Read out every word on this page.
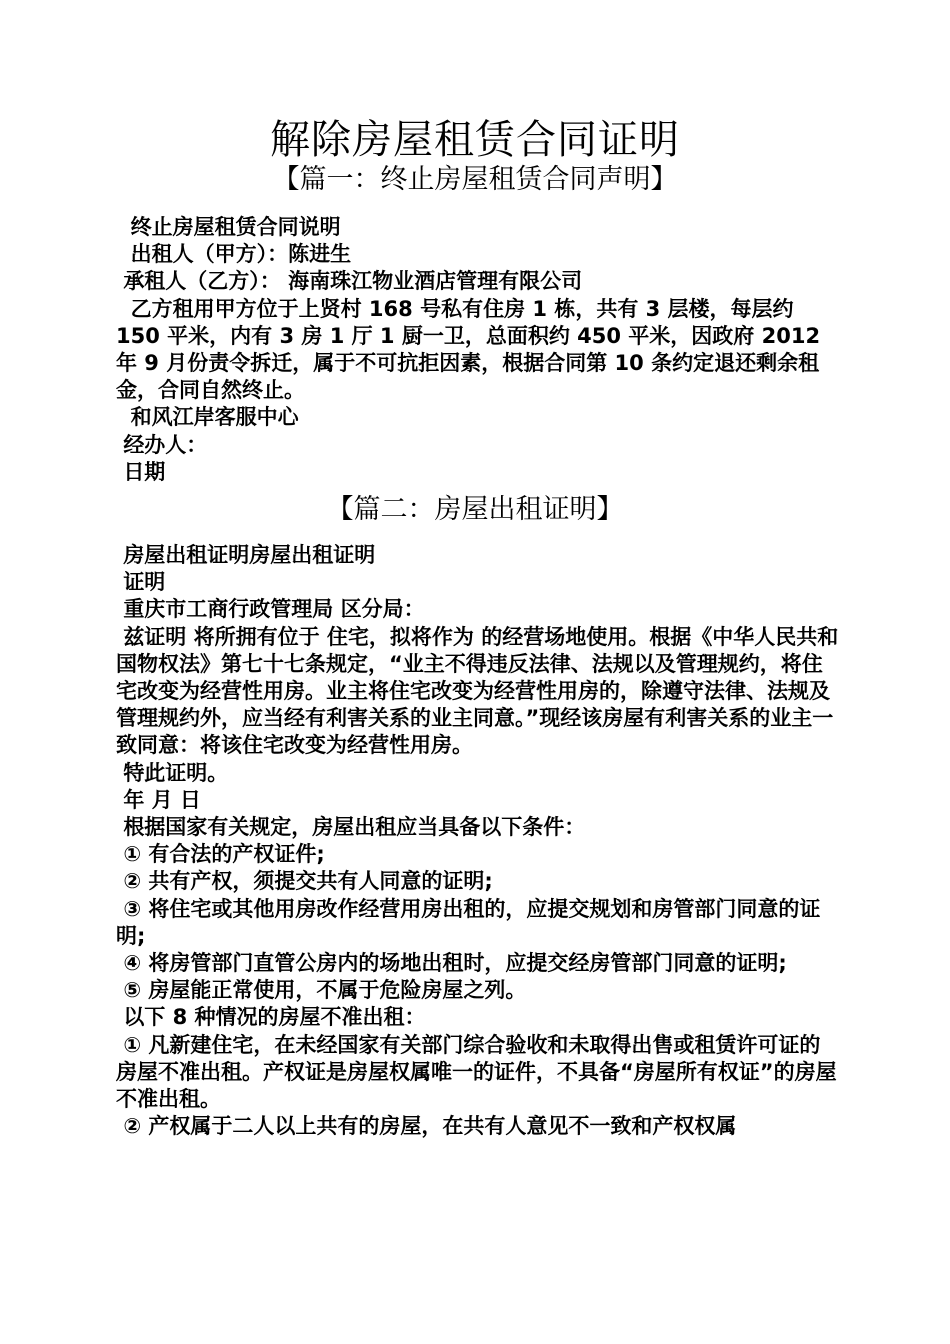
解除房屋租赁合同证明
【篇一：终止房屋租赁合同声明】

终止房屋租赁合同说明

出租人（甲方）：陈进生

承租人（乙方）： 海南珠江物业酒店管理有限公司

乙方租用甲方位于上贤村 168 号私有住房 1 栋，共有 3 层楼，每层约 150 平米，内有 3 房 1 厅 1 厨一卫，总面积约 450 平米，因政府 2012 年 9 月份责令拆迁，属于不可抗拒因素，根据合同第 10 条约定退还剩余租金，合同自然终止。

和风江岸客服中心

经办人：

日期

【篇二：房屋出租证明】

房屋出租证明房屋出租证明

证明

重庆市工商行政管理局 区分局：

兹证明 将所拥有位于 住宅，拟将作为 的经营场地使用。根据《中华人民共和国物权法》第七十七条规定，“业主不得违反法律、法规以及管理规约，将住宅改变为经营性用房。业主将住宅改变为经营性用房的，除遵守法律、法规及管理规约外，应当经有利害关系的业主同意。”现经该房屋有利害关系的业主一致同意：将该住宅改变为经营性用房。

特此证明。

年 月 日

根据国家有关规定，房屋出租应当具备以下条件：

① 有合法的产权证件;

② 共有产权，须提交共有人同意的证明;

③ 将住宅或其他用房改作经营用房出租的，应提交规划和房管部门同意的证明;

④ 将房管部门直管公房内的场地出租时，应提交经房管部门同意的证明;

⑤ 房屋能正常使用，不属于危险房屋之列。

以下 8 种情况的房屋不准出租：

① 凡新建住宅，在未经国家有关部门综合验收和未取得出售或租赁许可证的房屋不准出租。产权证是房屋权属唯一的证件，不具备“房屋所有权证”的房屋不准出租。

② 产权属于二人以上共有的房屋，在共有人意见不一致和产权权属
